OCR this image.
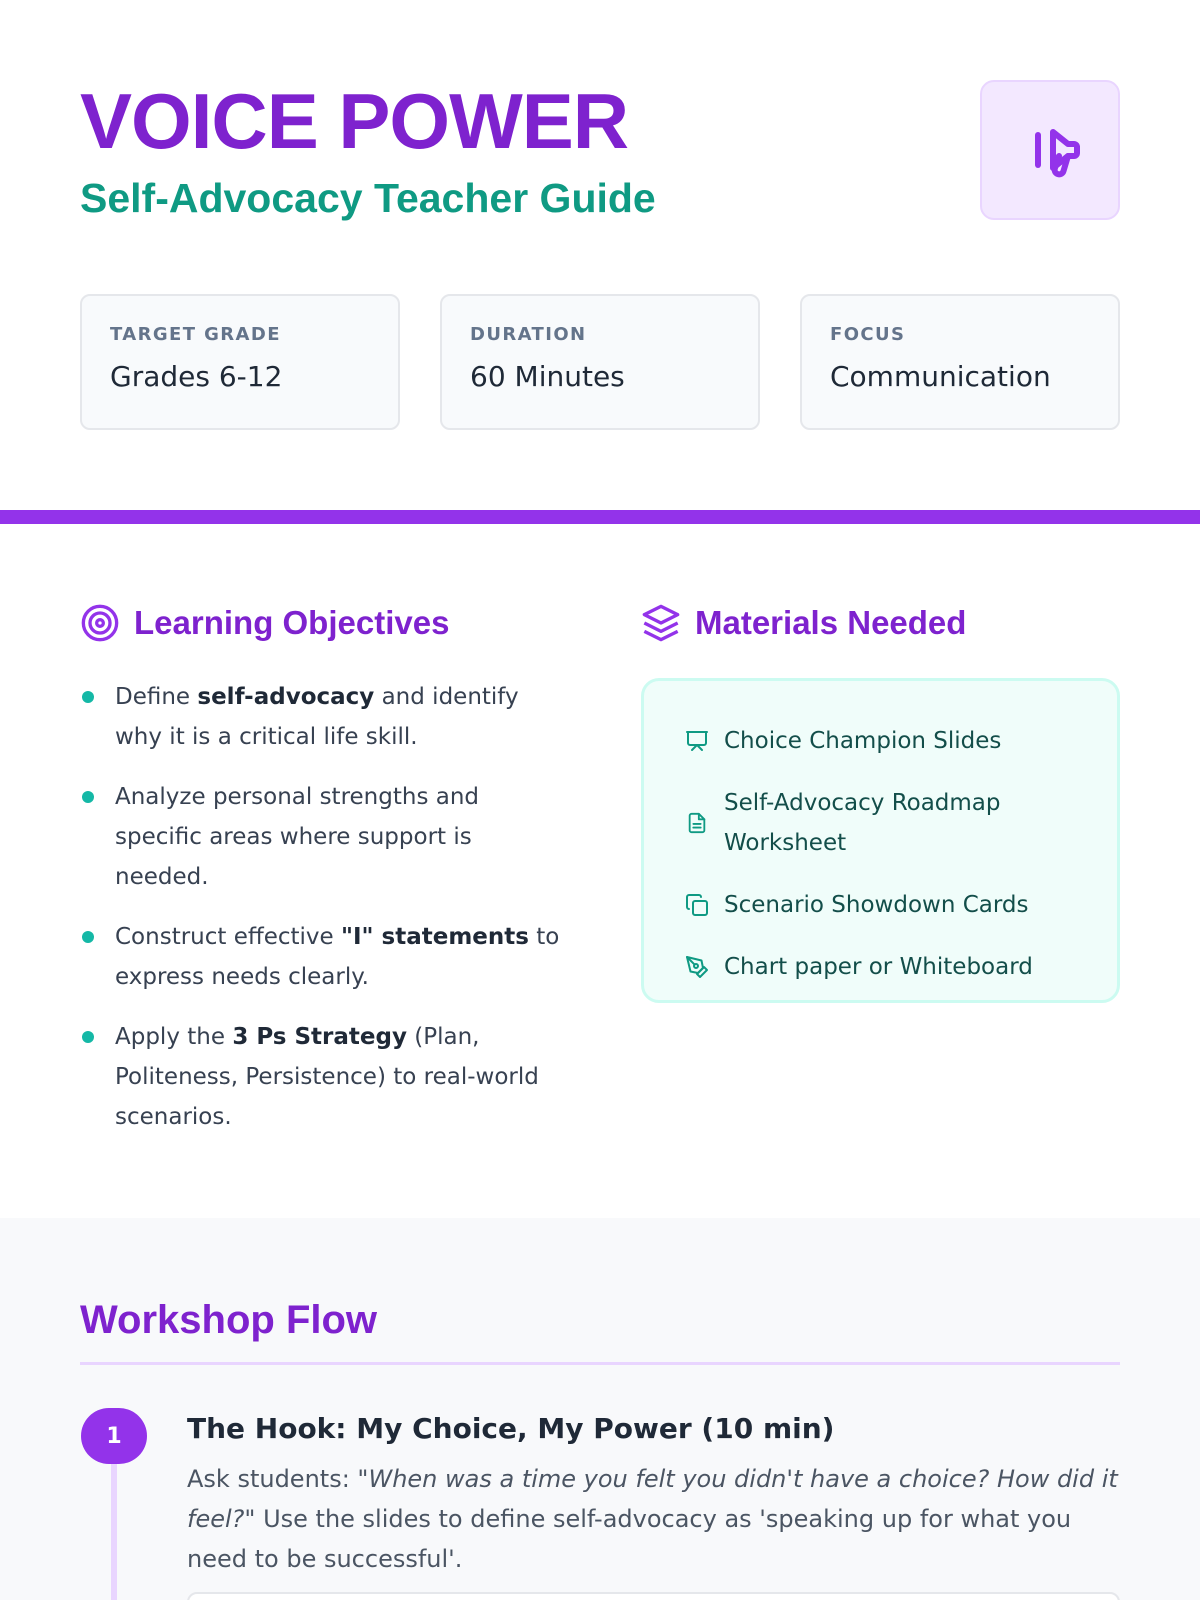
VOICE POWER
Self-Advocacy Teacher Guide
TARGET GRADE
Grades 6-12
DURATION
60 Minutes
FOCUS
Communication
Learning Objectives
Define self-advocacy and identify why it is a critical life skill.
Analyze personal strengths and specific areas where support is needed.
Construct effective "I" statements to express needs clearly.
Apply the 3 Ps Strategy (Plan, Politeness, Persistence) to real-world scenarios.
Materials Needed
Choice Champion Slides
Self-Advocacy Roadmap Worksheet
Scenario Showdown Cards
Chart paper or Whiteboard
Workshop Flow
1	The Hook: My Choice, My Power (10 min)
Ask students: "When was a time you felt you didn't have a choice? How did it feel?" Use the slides to define self-advocacy as 'speaking up for what you need to be successful'.
